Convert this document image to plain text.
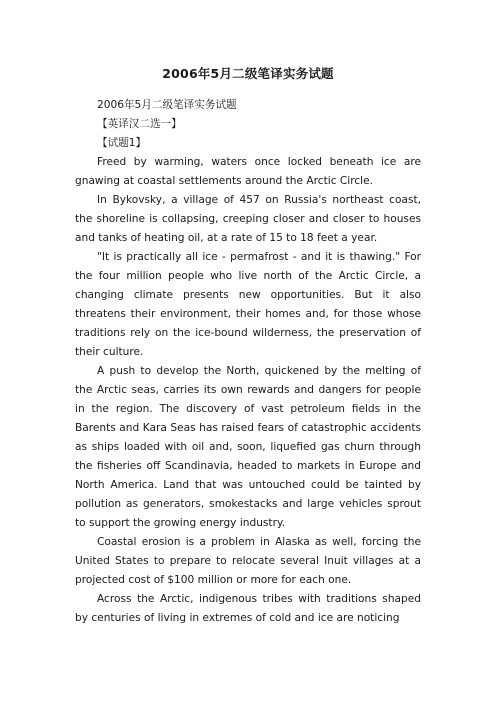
2006年5月二级笔译实务试题

2006年5月二级笔译实务试题

【英译汉二选一】

【试题1】

Freed by warming, waters once locked beneath ice are gnawing at coastal settlements around the Arctic Circle.

In Bykovsky, a village of 457 on Russia's northeast coast, the shoreline is collapsing, creeping closer and closer to houses and tanks of heating oil, at a rate of 15 to 18 feet a year.

"It is practically all ice - permafrost - and it is thawing." For the four million people who live north of the Arctic Circle, a changing climate presents new opportunities. But it also threatens their environment, their homes and, for those whose traditions rely on the ice-bound wilderness, the preservation of their culture.

A push to develop the North, quickened by the melting of the Arctic seas, carries its own rewards and dangers for people in the region. The discovery of vast petroleum fields in the Barents and Kara Seas has raised fears of catastrophic accidents as ships loaded with oil and, soon, liquefied gas churn through the fisheries off Scandinavia, headed to markets in Europe and North America. Land that was untouched could be tainted by pollution as generators, smokestacks and large vehicles sprout to support the growing energy industry.

Coastal erosion is a problem in Alaska as well, forcing the United States to prepare to relocate several Inuit villages at a projected cost of $100 million or more for each one.

Across the Arctic, indigenous tribes with traditions shaped by centuries of living in extremes of cold and ice are noticing
